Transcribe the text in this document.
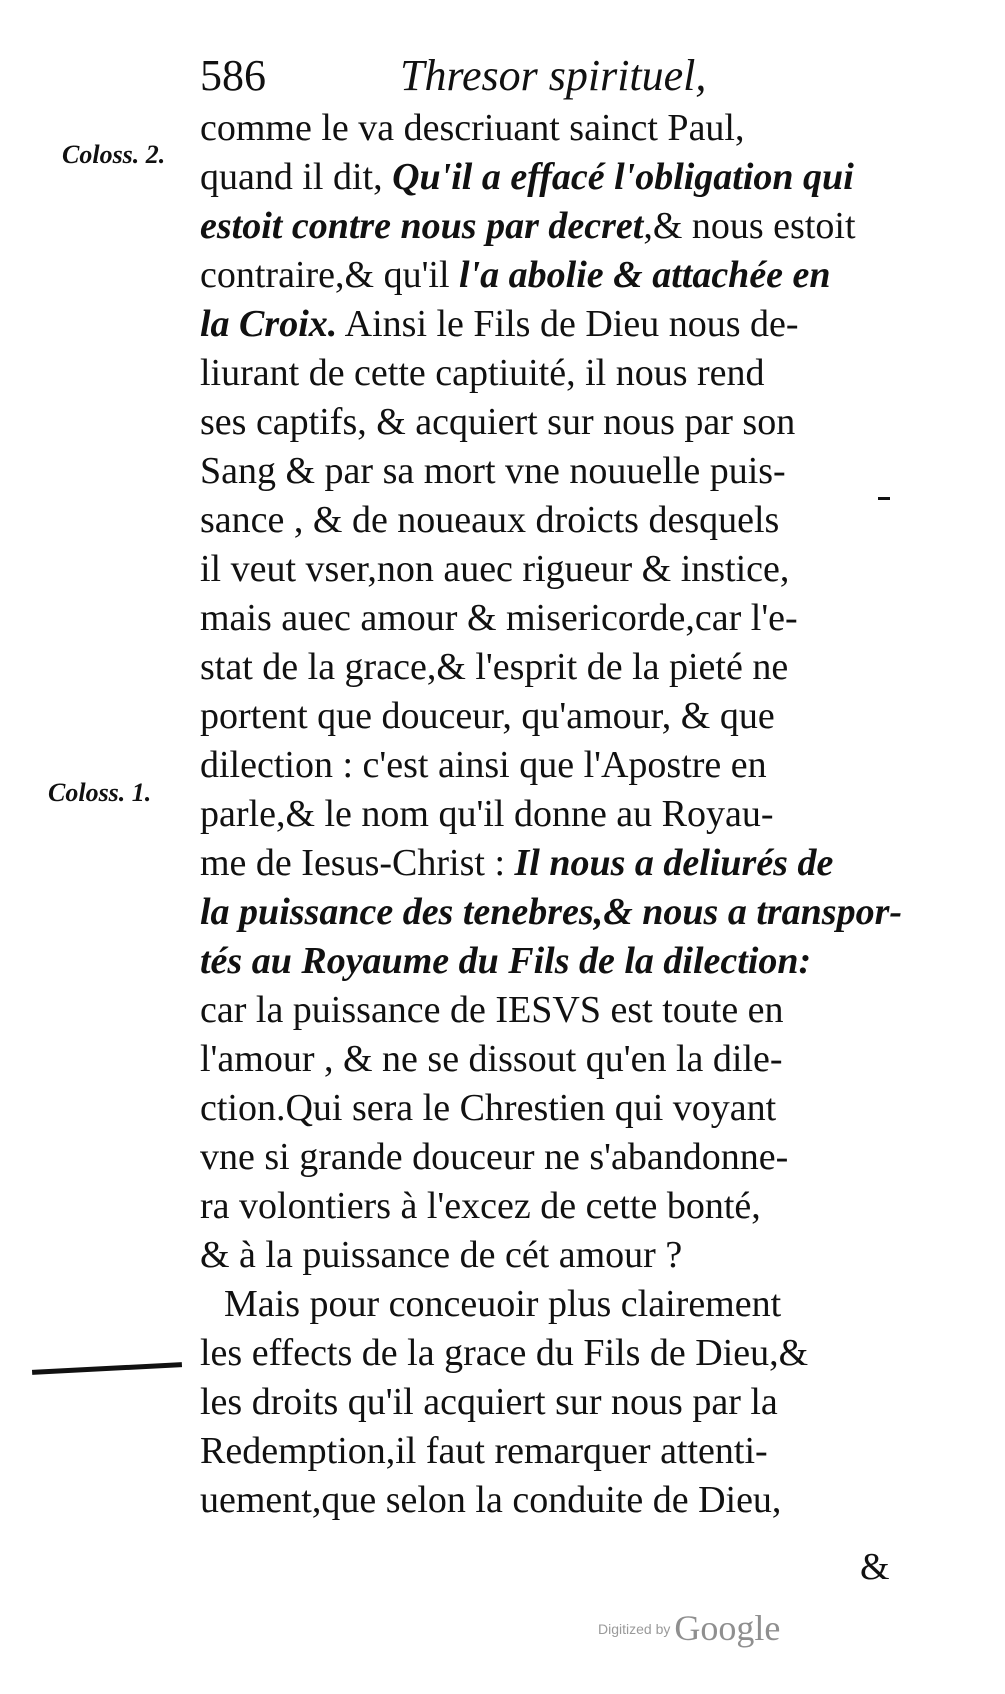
586	Thresor spirituel,
Coloss. 2.
Coloss. 1.
comme le va descriuant sainct Paul,
quand il dit, Qu'il a effacé l'obligation qui
estoit contre nous par decret,& nous estoit
contraire,& qu'il l'a abolie & attachée en
la Croix. Ainsi le Fils de Dieu nous de-
liurant de cette captiuité, il nous rend
ses captifs, & acquiert sur nous par son
Sang & par sa mort vne nouuelle puis-
sance , & de noueaux droicts desquels
il veut vser,non auec rigueur & instice,
mais auec amour & misericorde,car l'e-
stat de la grace,& l'esprit de la pieté ne
portent que douceur, qu'amour, & que
dilection : c'est ainsi que l'Apostre en
parle,& le nom qu'il donne au Royau-
me de Iesus-Christ : Il nous a deliurés de
la puissance des tenebres,& nous a transpor-
tés au Royaume du Fils de la dilection:
car la puissance de IESVS est toute en
l'amour , & ne se dissout qu'en la dile-
ction.Qui sera le Chrestien qui voyant
vne si grande douceur ne s'abandonne-
ra volontiers à l'excez de cette bonté,
& à la puissance de cét amour ?
Mais pour conceuoir plus clairement
les effects de la grace du Fils de Dieu,&
les droits qu'il acquiert sur nous par la
Redemption,il faut remarquer attenti-
uement,que selon la conduite de Dieu,
&
Digitized by Google
